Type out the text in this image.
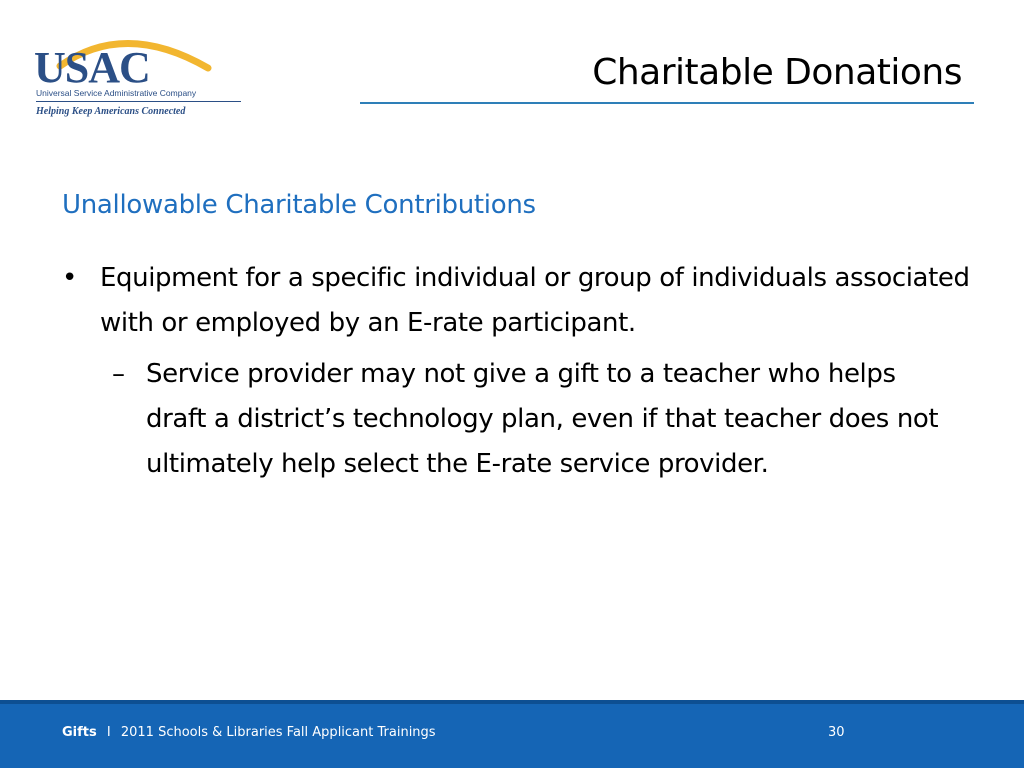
USAC
Universal Service Administrative Company
Helping Keep Americans Connected
Charitable Donations
Unallowable Charitable Contributions
• Equipment for a specific individual or group of individuals associated with or employed by an E-rate participant.
– Service provider may not give a gift to a teacher who helps draft a district’s technology plan, even if that teacher does not ultimately help select the E-rate service provider.
Gifts I 2011 Schools & Libraries Fall Applicant Trainings	30
